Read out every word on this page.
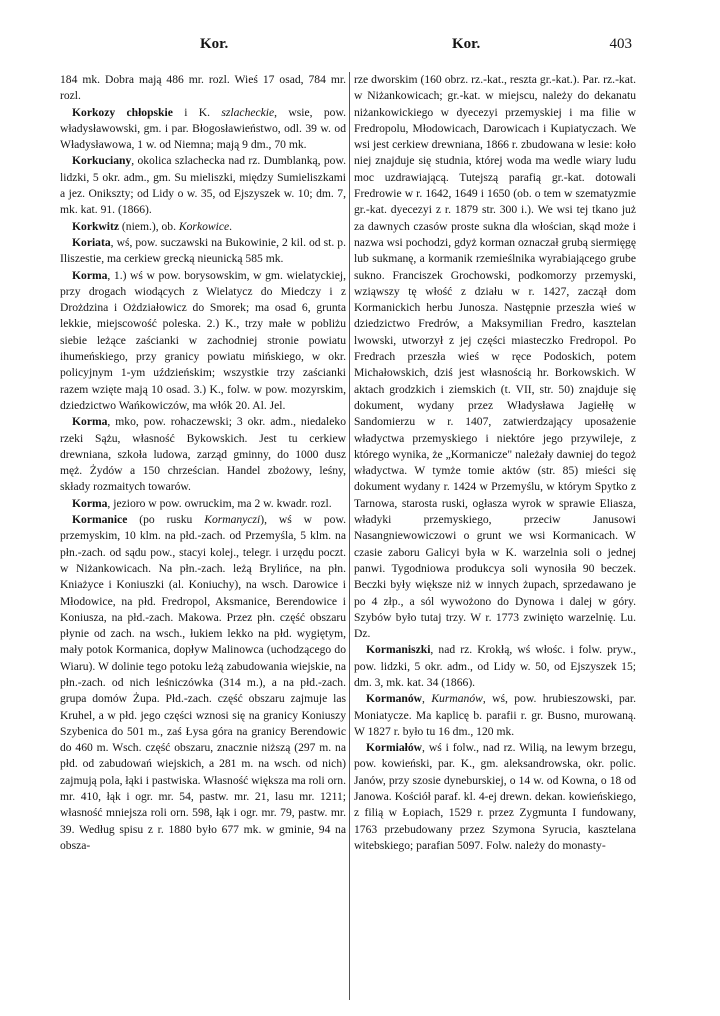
Kor.	Kor.	403

184 mk. Dobra mają 486 mr. rozl. Wieś 17 osad, 784 mr. rozl.

Korkozy chłopskie i K. szlacheckie, wsie, pow. władysławowski, gm. i par. Błogosławieństwo, odl. 39 w. od Władysławowa, 1 w. od Niemna; mają 9 dm., 70 mk.

Korkuciany, okolica szlachecka nad rz. Dumblanką, pow. lidzki, 5 okr. adm., gm. Su mieliszki, między Sumieliszkami a jez. Onikszty; od Lidy o w. 35, od Ejszyszek w. 10; dm. 7, mk. kat. 91. (1866).

Korkwitz (niem.), ob. Korkowice.

Koriata, wś, pow. suczawski na Bukowinie, 2 kil. od st. p. Iliszestie, ma cerkiew grecką nieunicką 585 mk.

Korma, 1.) wś w pow. borysowskim, w gm. wielatyckiej, przy drogach wiodących z Wielatycz do Miedczy i z Drożdzina i Ożdziałowicz do Smorek; ma osad 6, grunta lekkie, miejscowość poleska. 2.) K., trzy małe w pobliżu siebie leżące zaścianki w zachodniej stronie powiatu ihumeńskiego, przy granicy powiatu mińskiego, w okr. policyjnym 1-ym uździeńskim; wszystkie trzy zaścianki razem wzięte mają 10 osad. 3.) K., folw. w pow. mozyrskim, dziedzictwo Wańkowiczów, ma włók 20. Al. Jel.

Korma, mko, pow. rohaczewski; 3 okr. adm., niedaleko rzeki Sążu, własność Bykowskich. Jest tu cerkiew drewniana, szkoła ludowa, zarząd gminny, do 1000 dusz męż. Żydów a 150 chrześcian. Handel zbożowy, leśny, składy rozmaitych towarów.

Korma, jezioro w pow. owruckim, ma 2 w. kwadr. rozl.

Kormanice (po rusku Kormanyczi), wś w pow. przemyskim, 10 klm. na płd.-zach. od Przemyśla, 5 klm. na płn.-zach. od sądu pow., stacyi kolej., telegr. i urzędu poczt. w Niżankowicach. Na płn.-zach. leżą Brylińce, na płn. Kniażyce i Koniuszki (al. Koniuchy), na wsch. Darowice i Młodowice, na płd. Fredropol, Aksmanice, Berendowice i Koniusza, na płd.-zach. Makowa. Przez płn. część obszaru płynie od zach. na wsch., łukiem lekko na płd. wygiętym, mały potok Kormanica, dopływ Malinowca (uchodzącego do Wiaru). W dolinie tego potoku leżą zabudowania wiejskie, na płn.-zach. od nich leśniczówka (314 m.), a na płd.-zach. grupa domów Żupa. Płd.-zach. część obszaru zajmuje las Kruhel, a w płd. jego części wznosi się na granicy Koniuszy Szybenica do 501 m., zaś Łysa góra na granicy Berendowic do 460 m. Wsch. część obszaru, znacznie niższą (297 m. na płd. od zabudowań wiejskich, a 281 m. na wsch. od nich) zajmują pola, łąki i pastwiska. Własność większa ma roli orn. mr. 410, łąk i ogr. mr. 54, pastw. mr. 21, lasu mr. 1211; własność mniejsza roli orn. 598, łąk i ogr. mr. 79, pastw. mr. 39. Według spisu z r. 1880 było 677 mk. w gminie, 94 na obsza-

rze dworskim (160 obrz. rz.-kat., reszta gr.-kat.). Par. rz.-kat. w Niżankowicach; gr.-kat. w miejscu, należy do dekanatu niżankowickiego w dyecezyi przemyskiej i ma filie w Fredropolu, Młodowicach, Darowicach i Kupiatyczach. We wsi jest cerkiew drewniana, 1866 r. zbudowana w lesie: koło niej znajduje się studnia, której woda ma wedle wiary ludu moc uzdrawiającą. Tutejszą parafią gr.-kat. dotowali Fredrowie w r. 1642, 1649 i 1650 (ob. o tem w szematyzmie gr.-kat. dyecezyi z r. 1879 str. 300 i.). We wsi tej tkano już za dawnych czasów proste sukna dla włościan, skąd może i nazwa wsi pochodzi, gdyż korman oznaczał grubą siermięgę lub sukmanę, a kormanik rzemieślnika wyrabiającego grube sukno. Franciszek Grochowski, podkomorzy przemyski, wziąwszy tę włość z działu w r. 1427, zaczął dom Kormanickich herbu Junosza. Następnie przeszła wieś w dziedzictwo Fredrów, a Maksymilian Fredro, kasztelan lwowski, utworzył z jej części miasteczko Fredropol. Po Fredrach przeszła wieś w ręce Podoskich, potem Michałowskich, dziś jest własnością hr. Borkowskich. W aktach grodzkich i ziemskich (t. VII, str. 50) znajduje się dokument, wydany przez Władysława Jagiełłę w Sandomierzu w r. 1407, zatwierdzający uposażenie władyctwa przemyskiego i niektóre jego przywileje, z którego wynika, że „Kormanicze" należały dawniej do tegoż władyctwa. W tymże tomie aktów (str. 85) mieści się dokument wydany r. 1424 w Przemyślu, w którym Spytko z Tarnowa, starosta ruski, ogłasza wyrok w sprawie Eliasza, władyki przemyskiego, przeciw Janusowi Nasangniewowiczowi o grunt we wsi Kormanicach. W czasie zaboru Galicyi była w K. warzelnia soli o jednej panwi. Tygodniowa produkcya soli wynosiła 90 beczek. Beczki były większe niż w innych żupach, sprzedawano je po 4 złp., a sól wywożono do Dynowa i dalej w góry. Szybów było tutaj trzy. W r. 1773 zwinięto warzelnię. Lu. Dz.

Kormaniszki, nad rz. Krokłą, wś włośc. i folw. pryw., pow. lidzki, 5 okr. adm., od Lidy w. 50, od Ejszyszek 15; dm. 3, mk. kat. 34 (1866).

Kormanów, Kurmanów, wś, pow. hrubieszowski, par. Moniatycze. Ma kaplicę b. parafii r. gr. Busno, murowaną. W 1827 r. było tu 16 dm., 120 mk.

Kormiałów, wś i folw., nad rz. Wilią, na lewym brzegu, pow. kowieński, par. K., gm. aleksandrowska, okr. polic. Janów, przy szosie dyneburskiej, o 14 w. od Kowna, o 18 od Janowa. Kościół paraf. kl. 4-ej drewn. dekan. kowieńskiego, z filią w Łopiach, 1529 r. przez Zygmunta I fundowany, 1763 przebudowany przez Szymona Syrucia, kasztelana witebskiego; parafian 5097. Folw. należy do monasty-
